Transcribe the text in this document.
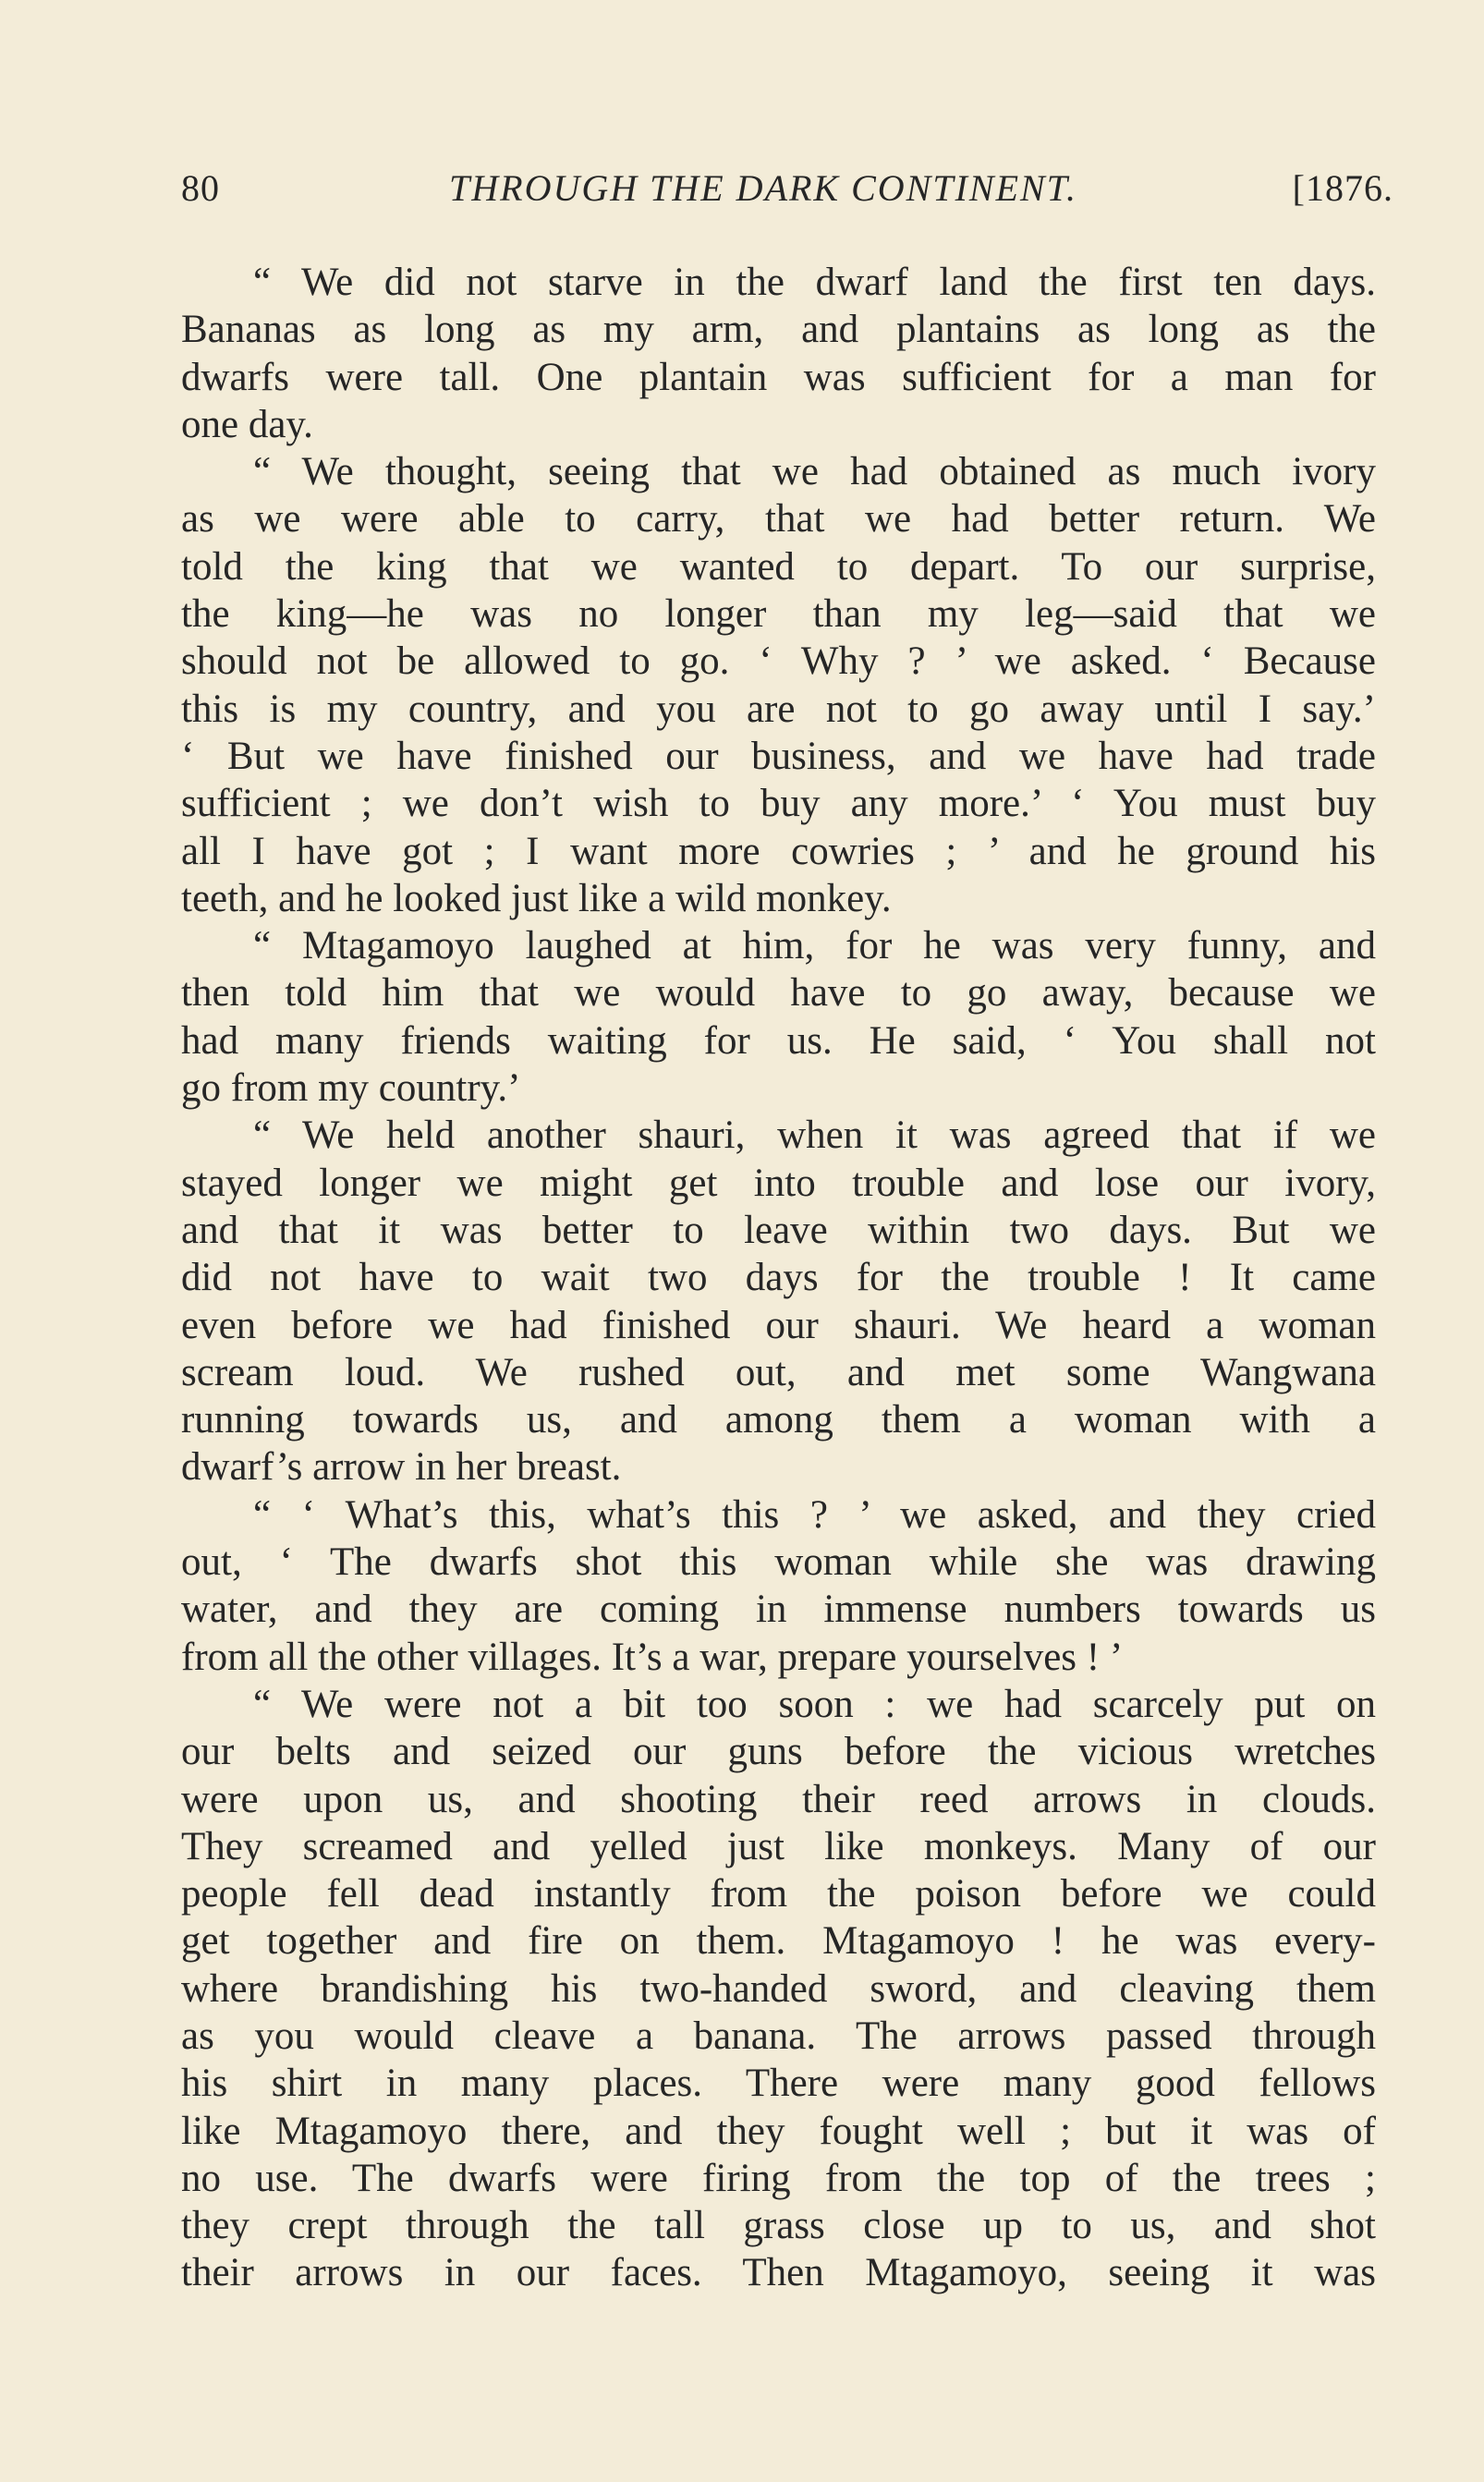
80	THROUGH THE DARK CONTINENT.	[1876.
“ We did not starve in the dwarf land the first ten days.
Bananas as long as my arm, and plantains as long as the
dwarfs were tall. One plantain was sufficient for a man for
one day.
“ We thought, seeing that we had obtained as much ivory
as we were able to carry, that we had better return. We
told the king that we wanted to depart. To our surprise,
the king—he was no longer than my leg—said that we
should not be allowed to go. ‘ Why ? ’ we asked. ‘ Because
this is my country, and you are not to go away until I say.’
‘ But we have finished our business, and we have had trade
sufficient ; we don’t wish to buy any more.’ ‘ You must buy
all I have got ; I want more cowries ; ’ and he ground his
teeth, and he looked just like a wild monkey.
“ Mtagamoyo laughed at him, for he was very funny, and
then told him that we would have to go away, because we
had many friends waiting for us. He said, ‘ You shall not
go from my country.’
“ We held another shauri, when it was agreed that if we
stayed longer we might get into trouble and lose our ivory,
and that it was better to leave within two days. But we
did not have to wait two days for the trouble ! It came
even before we had finished our shauri. We heard a woman
scream loud. We rushed out, and met some Wangwana
running towards us, and among them a woman with a
dwarf’s arrow in her breast.
“ ‘ What’s this, what’s this ? ’ we asked, and they cried
out, ‘ The dwarfs shot this woman while she was drawing
water, and they are coming in immense numbers towards us
from all the other villages. It’s a war, prepare yourselves ! ’
“ We were not a bit too soon : we had scarcely put on
our belts and seized our guns before the vicious wretches
were upon us, and shooting their reed arrows in clouds.
They screamed and yelled just like monkeys. Many of our
people fell dead instantly from the poison before we could
get together and fire on them. Mtagamoyo ! he was every-
where brandishing his two-handed sword, and cleaving them
as you would cleave a banana. The arrows passed through
his shirt in many places. There were many good fellows
like Mtagamoyo there, and they fought well ; but it was of
no use. The dwarfs were firing from the top of the trees ;
they crept through the tall grass close up to us, and shot
their arrows in our faces. Then Mtagamoyo, seeing it was
